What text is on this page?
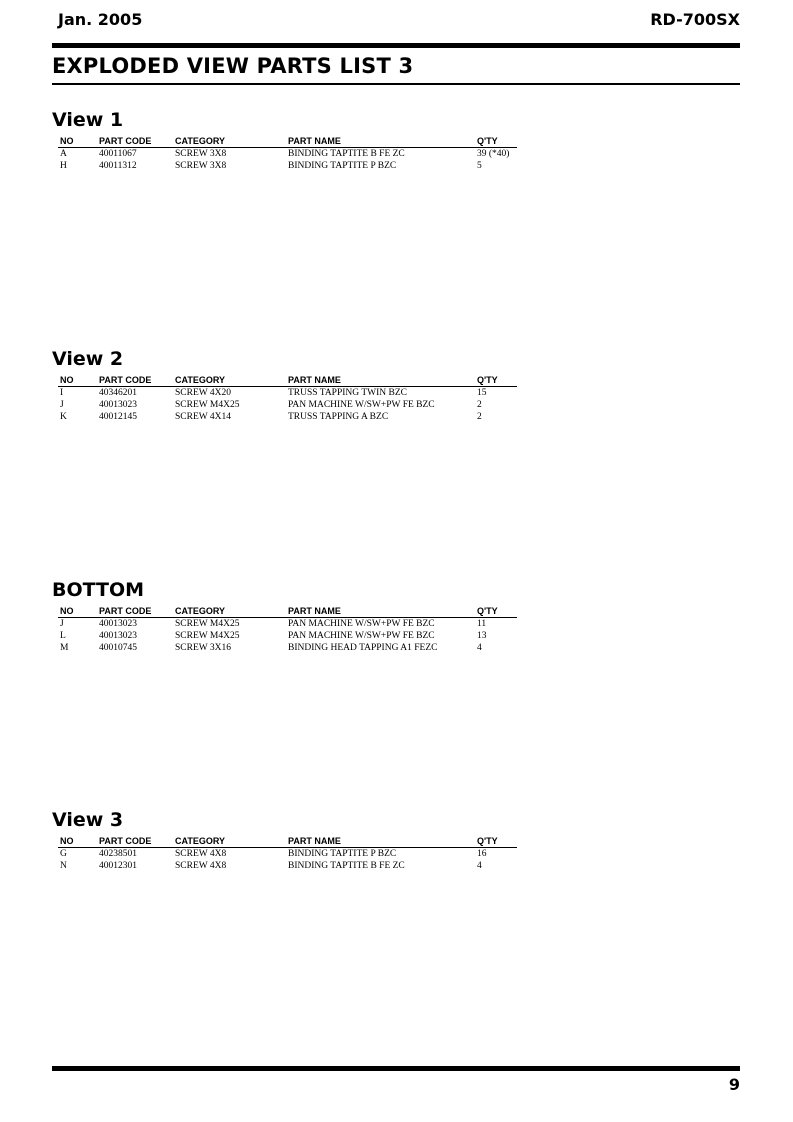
Jan. 2005	RD-700SX
EXPLODED VIEW PARTS LIST 3
View 1
NO	PART CODE	CATEGORY	PART NAME	Q'TY
A	40011067	SCREW 3X8	BINDING TAPTITE B FE ZC	39 (*40)
H	40011312	SCREW 3X8	BINDING TAPTITE P BZC	5
View 2
NO	PART CODE	CATEGORY	PART NAME	Q'TY
I	40346201	SCREW 4X20	TRUSS TAPPING TWIN BZC	15
J	40013023	SCREW M4X25	PAN MACHINE W/SW+PW FE BZC	2
K	40012145	SCREW 4X14	TRUSS TAPPING A BZC	2
BOTTOM
NO	PART CODE	CATEGORY	PART NAME	Q'TY
J	40013023	SCREW M4X25	PAN MACHINE W/SW+PW FE BZC	11
L	40013023	SCREW M4X25	PAN MACHINE W/SW+PW FE BZC	13
M	40010745	SCREW 3X16	BINDING HEAD TAPPING A1 FEZC	4
View 3
NO	PART CODE	CATEGORY	PART NAME	Q'TY
G	40238501	SCREW 4X8	BINDING TAPTITE P BZC	16
N	40012301	SCREW 4X8	BINDING TAPTITE B FE ZC	4
9
